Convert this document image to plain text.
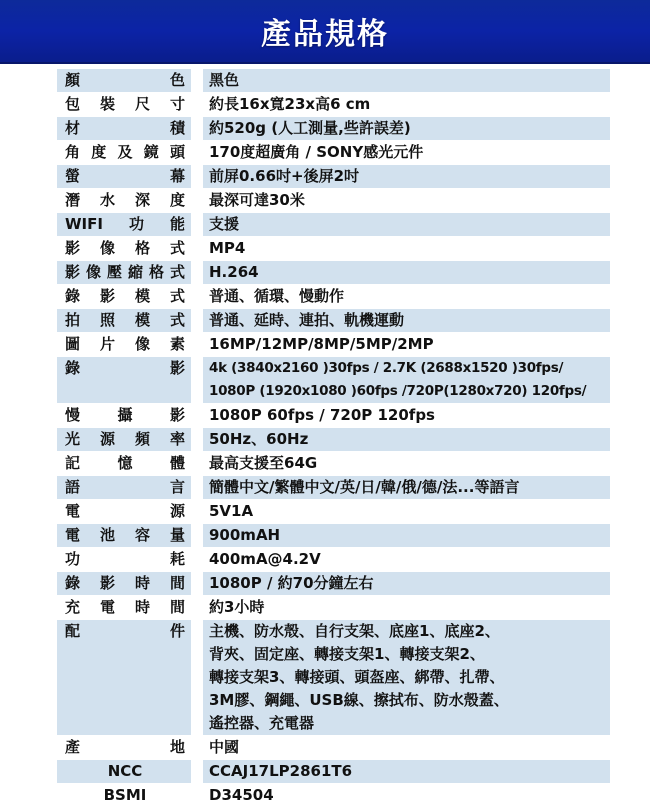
產品規格
顏色	黑色
包裝尺寸	約長16x寬23x高6 cm
材積	約520g (人工測量,些許誤差)
角度及鏡頭	170度超廣角 / SONY感光元件
螢幕	前屏0.66吋+後屏2吋
潛水深度	最深可達30米
WIFI功能	支援
影像格式	MP4
影像壓縮格式	H.264
錄影模式	普通、循環、慢動作
拍照模式	普通、延時、連拍、軌機運動
圖片像素	16MP/12MP/8MP/5MP/2MP
錄影	4k (3840x2160 )30fps / 2.7K (2688x1520 )30fps/
1080P (1920x1080 )60fps /720P(1280x720) 120fps/
慢攝影	1080P 60fps / 720P 120fps
光源頻率	50Hz、60Hz
記憶體	最高支援至64G
語言	簡體中文/繁體中文/英/日/韓/俄/德/法...等語言
電源	5V1A
電池容量	900mAH
功耗	400mA@4.2V
錄影時間	1080P / 約70分鐘左右
充電時間	約3小時
配件	主機、防水殼、自行支架、底座1、底座2、
背夾、固定座、轉接支架1、轉接支架2、
轉接支架3、轉接頭、頭盔座、綁帶、扎帶、
3M膠、鋼繩、USB線、擦拭布、防水殼蓋、
遙控器、充電器
產地	中國
NCC	CCAJ17LP2861T6
BSMI	D34504
